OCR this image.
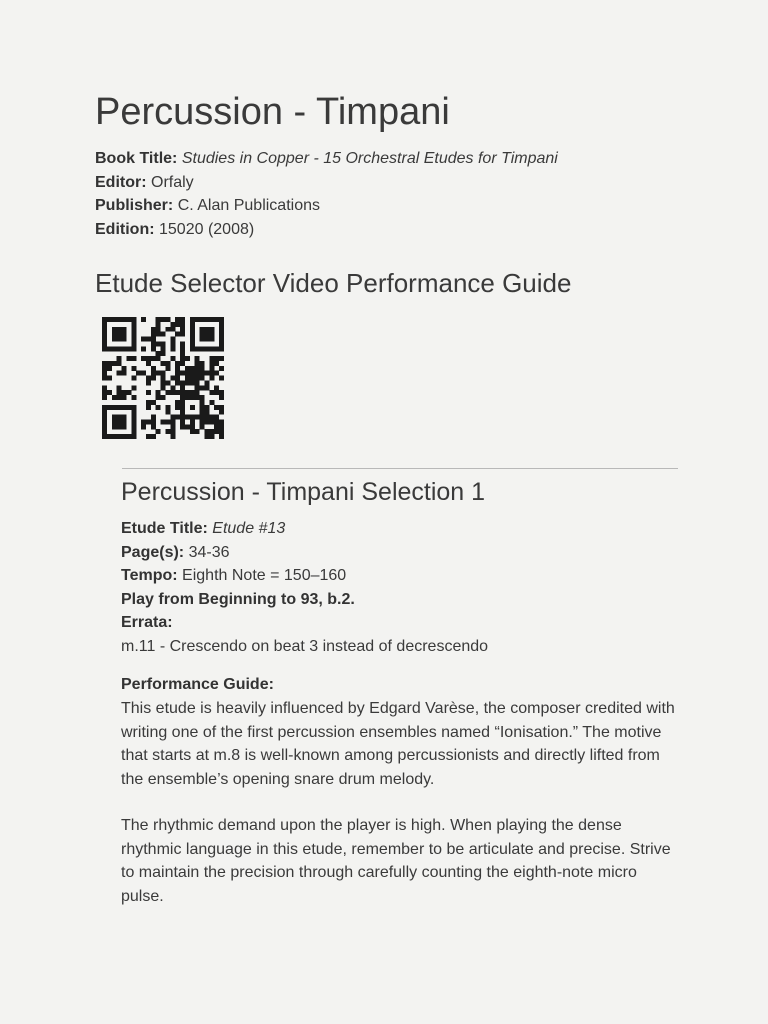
Percussion - Timpani
Book Title: Studies in Copper - 15 Orchestral Etudes for Timpani
Editor: Orfaly
Publisher: C. Alan Publications
Edition: 15020 (2008)
Etude Selector Video Performance Guide
Percussion - Timpani Selection 1
Etude Title: Etude #13
Page(s): 34-36
Tempo: Eighth Note = 150–160
Play from Beginning to 93, b.2.
Errata:
m.11 - Crescendo on beat 3 instead of decrescendo
Performance Guide:

This etude is heavily influenced by Edgard Varèse, the composer credited with writing one of the first percussion ensembles named “Ionisation.” The motive that starts at m.8 is well-known among percussionists and directly lifted from the ensemble’s opening snare drum melody.

The rhythmic demand upon the player is high. When playing the dense rhythmic language in this etude, remember to be articulate and precise. Strive to maintain the precision through carefully counting the eighth-note micro pulse.
